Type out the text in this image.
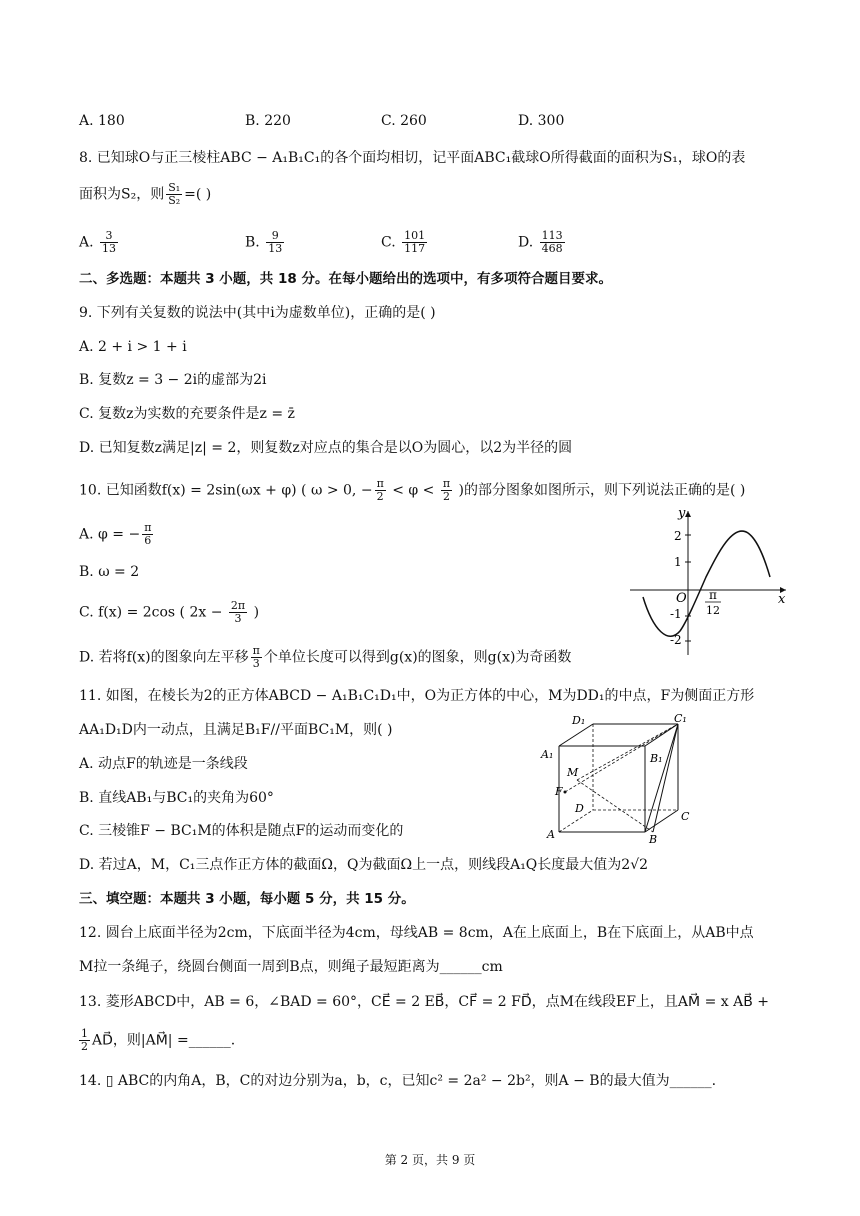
A. 180	B. 220	C. 260	D. 300
8. 已知球O与正三棱柱ABC − A₁B₁C₁的各个面均相切，记平面ABC₁截球O所得截面的面积为S₁，球O的表
面积为S₂，则 $\frac{\text{S₁}}{\text{S₂}}$ =( )
A. $\frac{3}{13}$	B. $\frac{9}{13}$	C. $\frac{101}{117}$	D. $\frac{113}{468}$
二、多选题：本题共 3 小题，共 18 分。在每小题给出的选项中，有多项符合题目要求。
9. 下列有关复数的说法中(其中i为虚数单位)，正确的是( )
A. 2 + i > 1 + i
B. 复数z = 3 − 2i的虚部为2i
C. 复数z为实数的充要条件是z = z̄
D. 已知复数z满足|z| = 2，则复数z对应点的集合是以O为圆心，以2为半径的圆
10. 已知函数f(x) = 2sin(ωx + φ) ( ω > 0, − $\frac{\pi}{2} < \varphi < \frac{\pi}{2}$ )的部分图象如图所示，则下列说法正确的是( )
A. φ = − $\frac{\pi}{6}$
B. ω = 2
C. f(x) = 2cos ( $2x - \frac{2\pi}{3}$ )
D. 若将f(x)的图象向左平移 $\frac{\pi}{3}$ 个单位长度可以得到g(x)的图象，则g(x)为奇函数
y
x
O
2
1
-1
-2
π
12
11. 如图，在棱长为2的正方体ABCD − A₁B₁C₁D₁中，O为正方体的中心，M为DD₁的中点，F为侧面正方形
AA₁D₁D内一动点，且满足B₁F//平面BC₁M，则( )
A. 动点F的轨迹是一条线段
B. 直线AB₁与BC₁的夹角为60°
C. 三棱锥F − BC₁M的体积是随点F的运动而变化的
D. 若过A，M，C₁三点作正方体的截面Ω，Q为截面Ω上一点，则线段A₁Q长度最大值为2√2
D₁	C₁
A₁	B₁
M
F
D
C
A	B
三、填空题：本题共 3 小题，每小题 5 分，共 15 分。
12. 圆台上底面半径为2cm，下底面半径为4cm，母线AB = 8cm，A在上底面上，B在下底面上，从AB中点
M拉一条绳子，绕圆台侧面一周到B点，则绳子最短距离为______cm
13. 菱形ABCD中，AB = 6，∠BAD = 60°，CE⃗ = 2 EB⃗，CF⃗ = 2 FD⃗，点M在线段EF上，且AM⃗ = x AB⃗ +
$\frac{1}{2}$ AD⃗，则|AM⃗| =______.
14. ▯ ABC的内角A，B，C的对边分别为a，b，c，已知c² = 2a² − 2b²，则A − B的最大值为______.
第 2 页，共 9 页
